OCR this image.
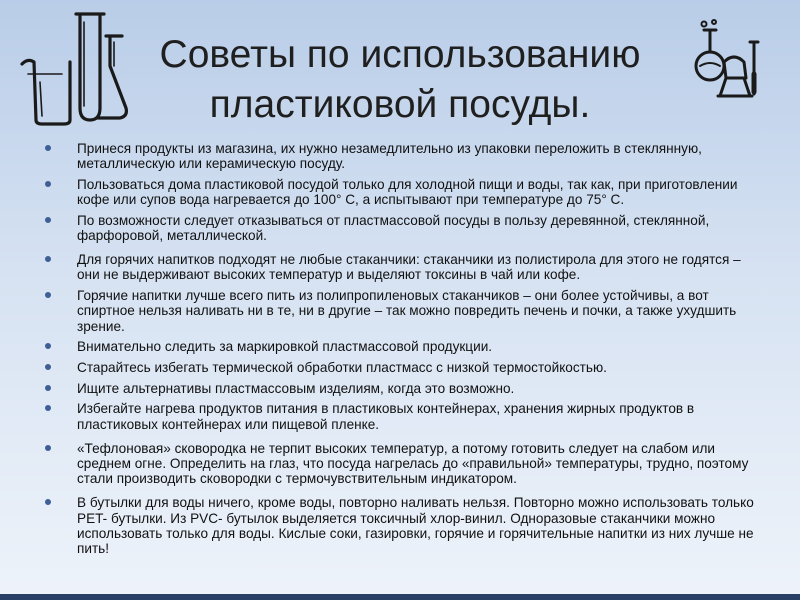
Советы по использованию
пластиковой посуды.
Принеся продукты из магазина, их нужно незамедлительно из упаковки переложить в стеклянную, металлическую или керамическую посуду.
Пользоваться дома пластиковой посудой только для холодной пищи и воды, так как, при приготовлении кофе или супов вода нагревается до 100° С, а испытывают при температуре до 75° С.
По возможности следует отказываться от пластмассовой посуды в пользу деревянной, стеклянной, фарфоровой, металлической.
Для горячих напитков подходят не любые стаканчики: стаканчики из полистирола для этого не годятся – они не выдерживают высоких температур и выделяют токсины в чай или кофе.
Горячие напитки лучше всего пить из полипропиленовых стаканчиков – они более устойчивы, а вот спиртное нельзя наливать ни в те, ни в другие – так можно повредить печень и почки, а также ухудшить зрение.
Внимательно следить за маркировкой пластмассовой продукции.
Старайтесь избегать термической обработки пластмасс с низкой термостойкостью.
Ищите альтернативы пластмассовым изделиям, когда это возможно.
Избегайте нагрева продуктов питания в пластиковых контейнерах, хранения жирных продуктов в пластиковых контейнерах или пищевой пленке.
«Тефлоновая» сковородка не терпит высоких температур, а потому готовить следует на слабом или среднем огне. Определить на глаз, что посуда нагрелась до «правильной» температуры, трудно, поэтому стали производить сковородки с термочувствительным индикатором.
В бутылки для воды ничего, кроме воды, повторно наливать нельзя. Повторно можно использовать только PET- бутылки. Из PVC- бутылок выделяется токсичный хлор-винил. Одноразовые стаканчики можно использовать только для воды. Кислые соки, газировки, горячие и горячительные напитки из них лучше не пить!
